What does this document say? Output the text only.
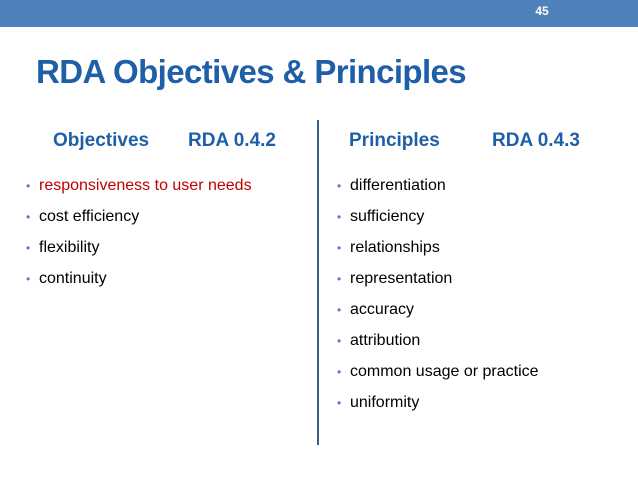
45
RDA Objectives & Principles
Objectives RDA 0.4.2	Principles	RDA 0.4.3
• responsiveness to user needs
• cost efficiency
• flexibility
• continuity
• differentiation
• sufficiency
• relationships
• representation
• accuracy
• attribution
• common usage or practice
• uniformity
